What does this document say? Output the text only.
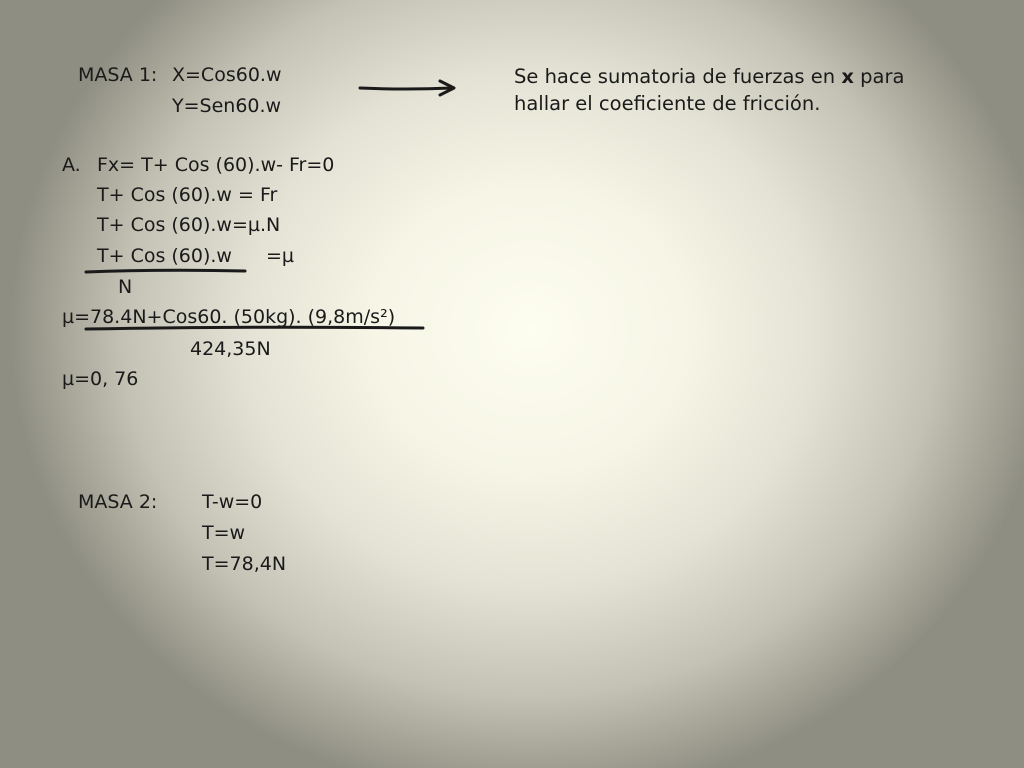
MASA 1: X=Cos60.w
Y=Sen60.w
Se hace sumatoria de fuerzas en x para
hallar el coeficiente de fricción.
A. Fx= T+ Cos (60).w- Fr=0
T+ Cos (60).w = Fr
T+ Cos (60).w=µ.N
T+ Cos (60).w =µ
N
µ=78.4N+Cos60. (50kg). (9,8m/s²)
424,35N
µ=0, 76
MASA 2: T-w=0
T=w
T=78,4N
